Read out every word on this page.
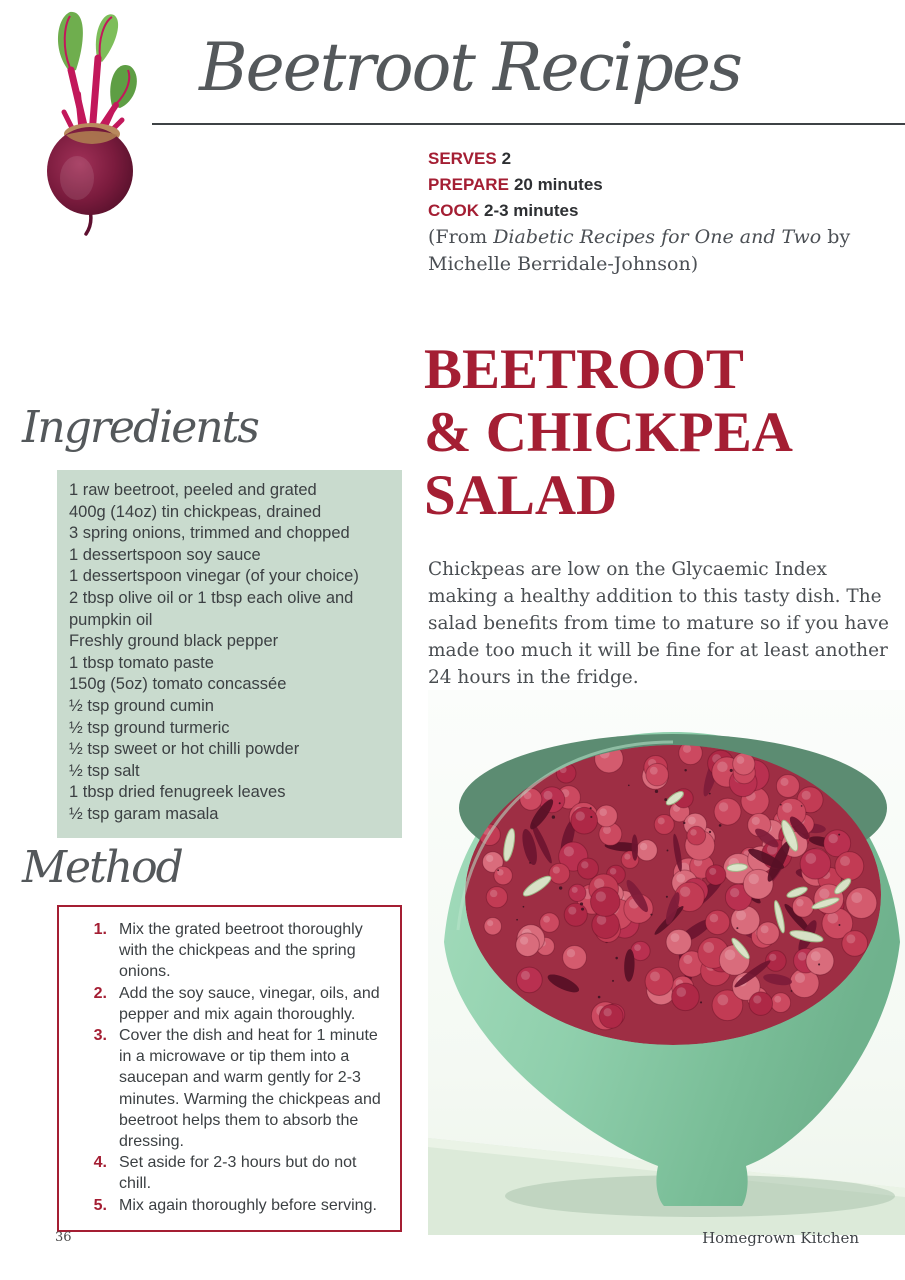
Beetroot Recipes
SERVES 2
PREPARE 20 minutes
COOK 2-3 minutes
(From Diabetic Recipes for One and Two by Michelle Berridale-Johnson)
BEETROOT
& CHICKPEA
SALAD
Chickpeas are low on the Glycaemic Index making a healthy addition to this tasty dish. The salad benefits from time to mature so if you have made too much it will be fine for at least another 24 hours in the fridge.
Ingredients
1 raw beetroot, peeled and grated
400g (14oz) tin chickpeas, drained
3 spring onions, trimmed and chopped
1 dessertspoon soy sauce
1 dessertspoon vinegar (of your choice)
2 tbsp olive oil or 1 tbsp each olive and pumpkin oil
Freshly ground black pepper
1 tbsp tomato paste
150g (5oz) tomato concassée
½ tsp ground cumin
½ tsp ground turmeric
½ tsp sweet or hot chilli powder
½ tsp salt
1 tbsp dried fenugreek leaves
½ tsp garam masala
Method
1. Mix the grated beetroot thoroughly with the chickpeas and the spring onions.
2. Add the soy sauce, vinegar, oils, and pepper and mix again thoroughly.
3. Cover the dish and heat for 1 minute in a microwave or tip them into a saucepan and warm gently for 2-3 minutes. Warming the chickpeas and beetroot helps them to absorb the dressing.
4. Set aside for 2-3 hours but do not chill.
5. Mix again thoroughly before serving.
36	Homegrown Kitchen
